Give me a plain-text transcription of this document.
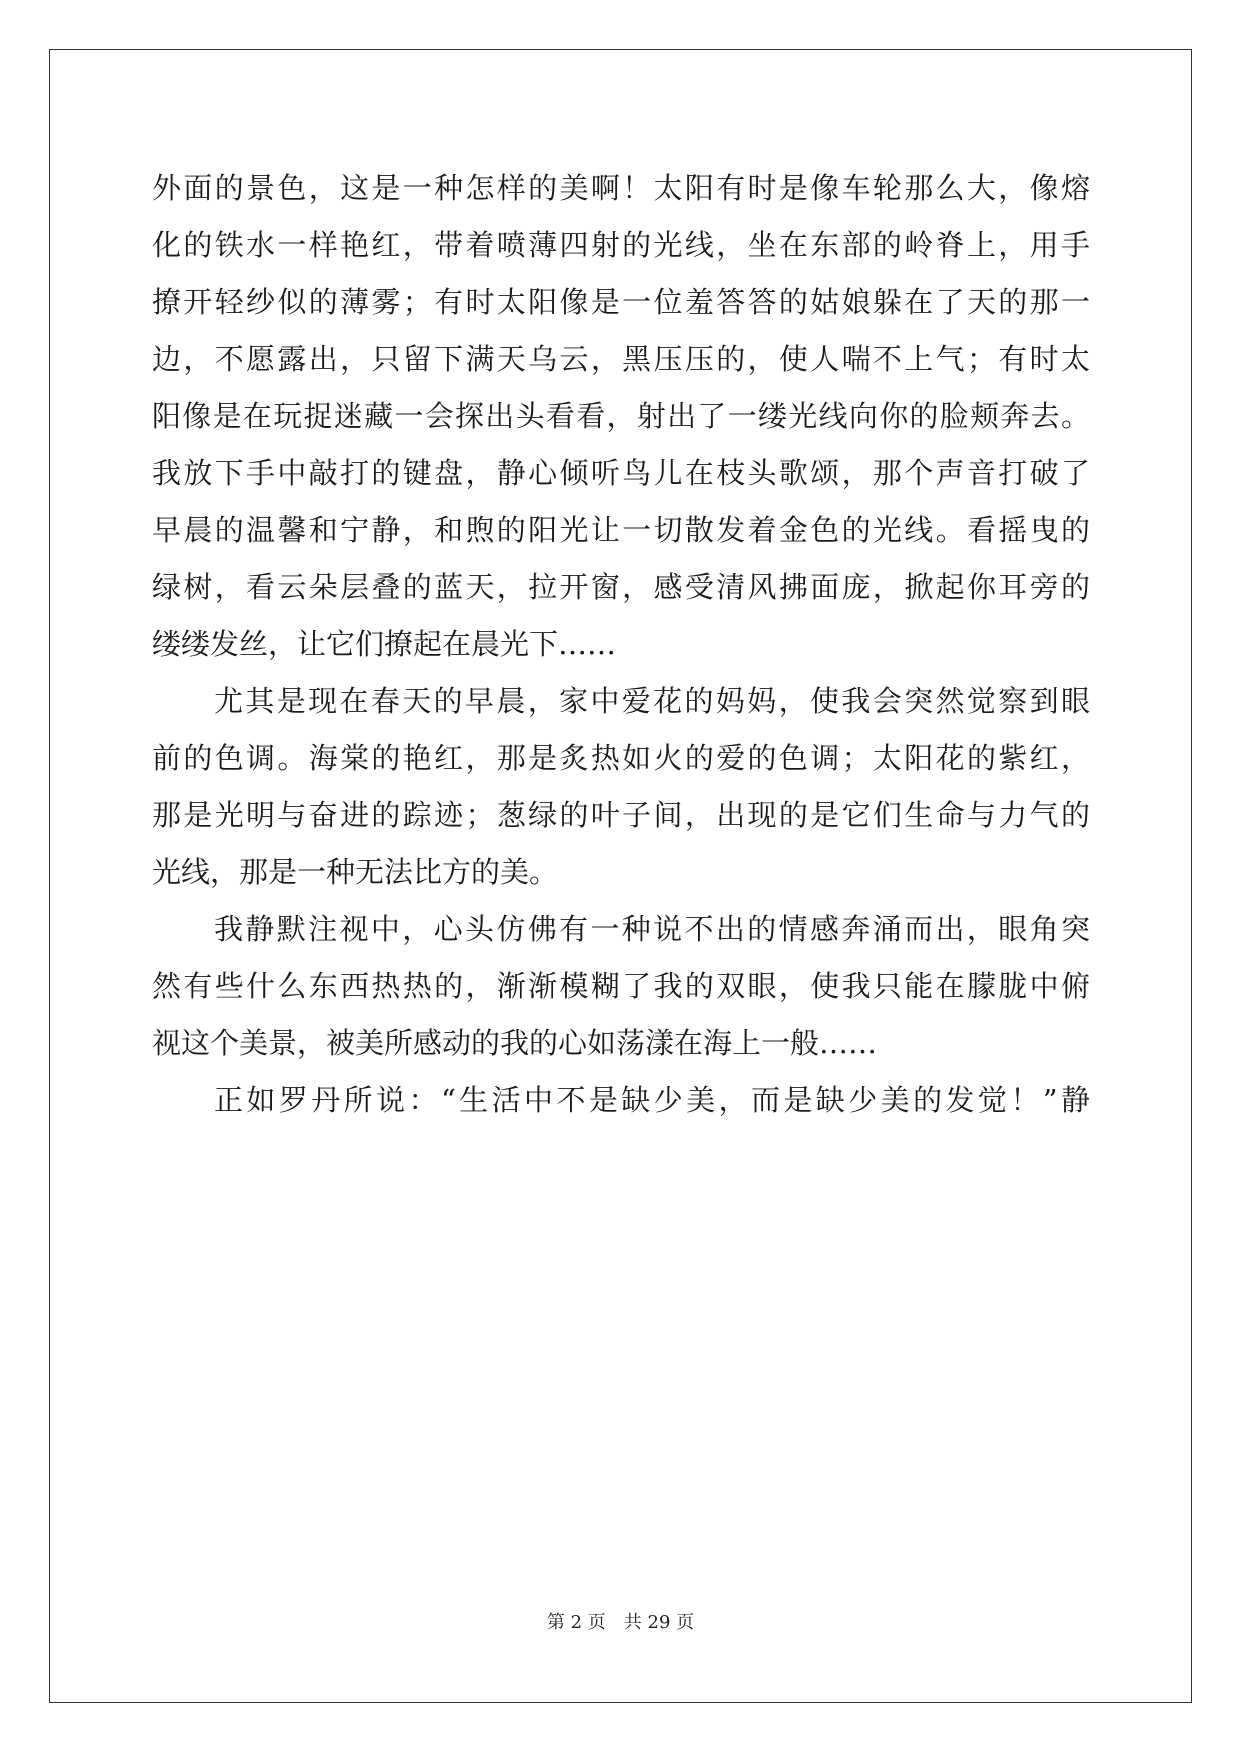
外面的景色，这是一种怎样的美啊！太阳有时是像车轮那么大，像熔
化的铁水一样艳红，带着喷薄四射的光线，坐在东部的岭脊上，用手
撩开轻纱似的薄雾；有时太阳像是一位羞答答的姑娘躲在了天的那一
边，不愿露出，只留下满天乌云，黑压压的，使人喘不上气；有时太
阳像是在玩捉迷藏一会探出头看看，射出了一缕光线向你的脸颊奔去。
我放下手中敲打的键盘，静心倾听鸟儿在枝头歌颂，那个声音打破了
早晨的温馨和宁静，和煦的阳光让一切散发着金色的光线。看摇曳的
绿树，看云朵层叠的蓝天，拉开窗，感受清风拂面庞，掀起你耳旁的
缕缕发丝，让它们撩起在晨光下……
尤其是现在春天的早晨，家中爱花的妈妈，使我会突然觉察到眼
前的色调。海棠的艳红，那是炙热如火的爱的色调；太阳花的紫红，
那是光明与奋进的踪迹；葱绿的叶子间，出现的是它们生命与力气的
光线，那是一种无法比方的美。
我静默注视中，心头仿佛有一种说不出的情感奔涌而出，眼角突
然有些什么东西热热的，渐渐模糊了我的双眼，使我只能在朦胧中俯
视这个美景，被美所感动的我的心如荡漾在海上一般……
正如罗丹所说：“生活中不是缺少美，而是缺少美的发觉！”静
第 2 页 共 29 页
